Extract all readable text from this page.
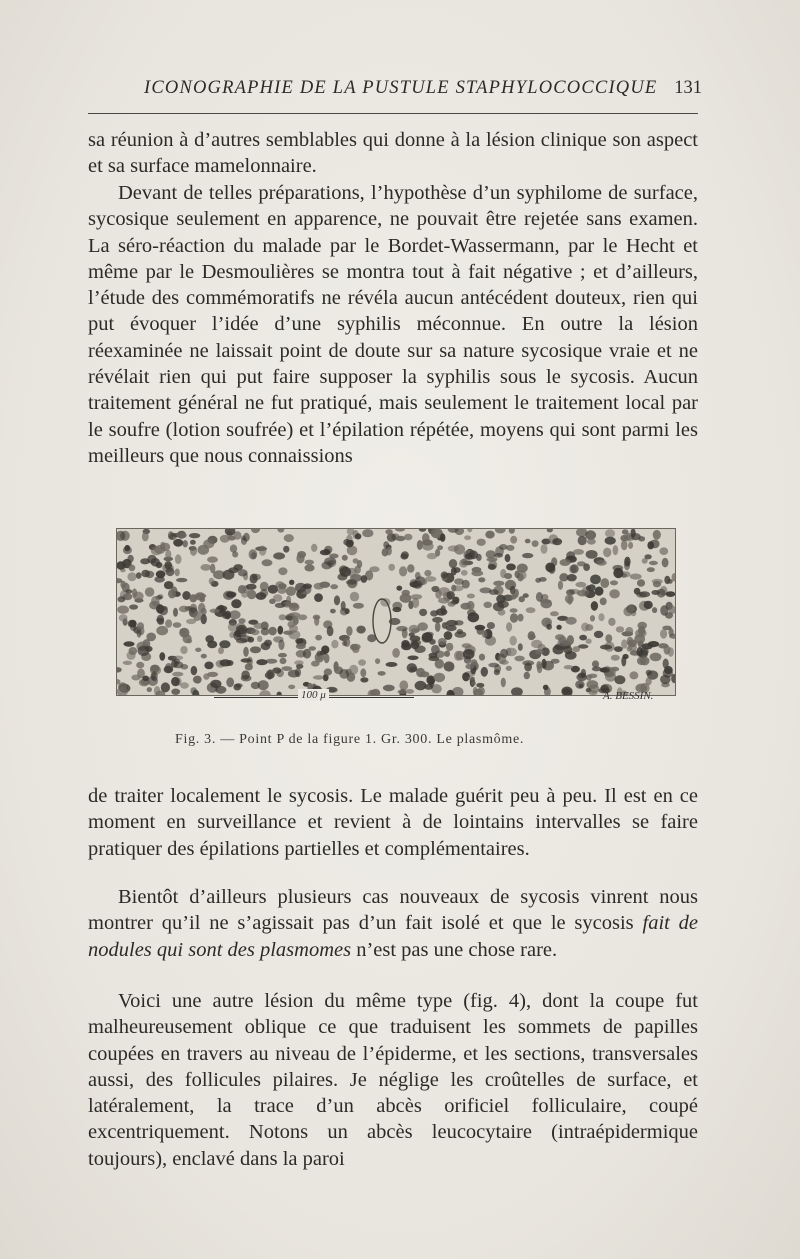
ICONOGRAPHIE DE LA PUSTULE STAPHYLOCOCCIQUE 131

sa réunion à d’autres semblables qui donne à la lésion clinique son aspect et sa surface mamelonnaire.

Devant de telles préparations, l’hypothèse d’un syphilome de surface, sycosique seulement en apparence, ne pouvait être rejetée sans examen. La séro-réaction du malade par le Bordet-Wassermann, par le Hecht et même par le Desmoulières se montra tout à fait négative ; et d’ailleurs, l’étude des commémoratifs ne révéla aucun antécédent douteux, rien qui put évoquer l’idée d’une syphilis méconnue. En outre la lésion réexaminée ne laissait point de doute sur sa nature sycosique vraie et ne révélait rien qui put faire supposer la syphilis sous le sycosis. Aucun traitement général ne fut pratiqué, mais seulement le traitement local par le soufre (lotion soufrée) et l’épilation répétée, moyens qui sont parmi les meilleurs que nous connaissions

100 μ	A. BESSIN.
Fig. 3. — Point P de la figure 1. Gr. 300. Le plasmôme.

de traiter localement le sycosis. Le malade guérit peu à peu. Il est en ce moment en surveillance et revient à de lointains intervalles se faire pratiquer des épilations partielles et complémentaires.

Bientôt d’ailleurs plusieurs cas nouveaux de sycosis vinrent nous montrer qu’il ne s’agissait pas d’un fait isolé et que le sycosis fait de nodules qui sont des plasmomes n’est pas une chose rare.

Voici une autre lésion du même type (fig. 4), dont la coupe fut malheureusement oblique ce que traduisent les sommets de papilles coupées en travers au niveau de l’épiderme, et les sections, transversales aussi, des follicules pilaires. Je néglige les croûtelles de surface, et latéralement, la trace d’un abcès orificiel folliculaire, coupé excentriquement. Notons un abcès leucocytaire (intraépidermique toujours), enclavé dans la paroi
